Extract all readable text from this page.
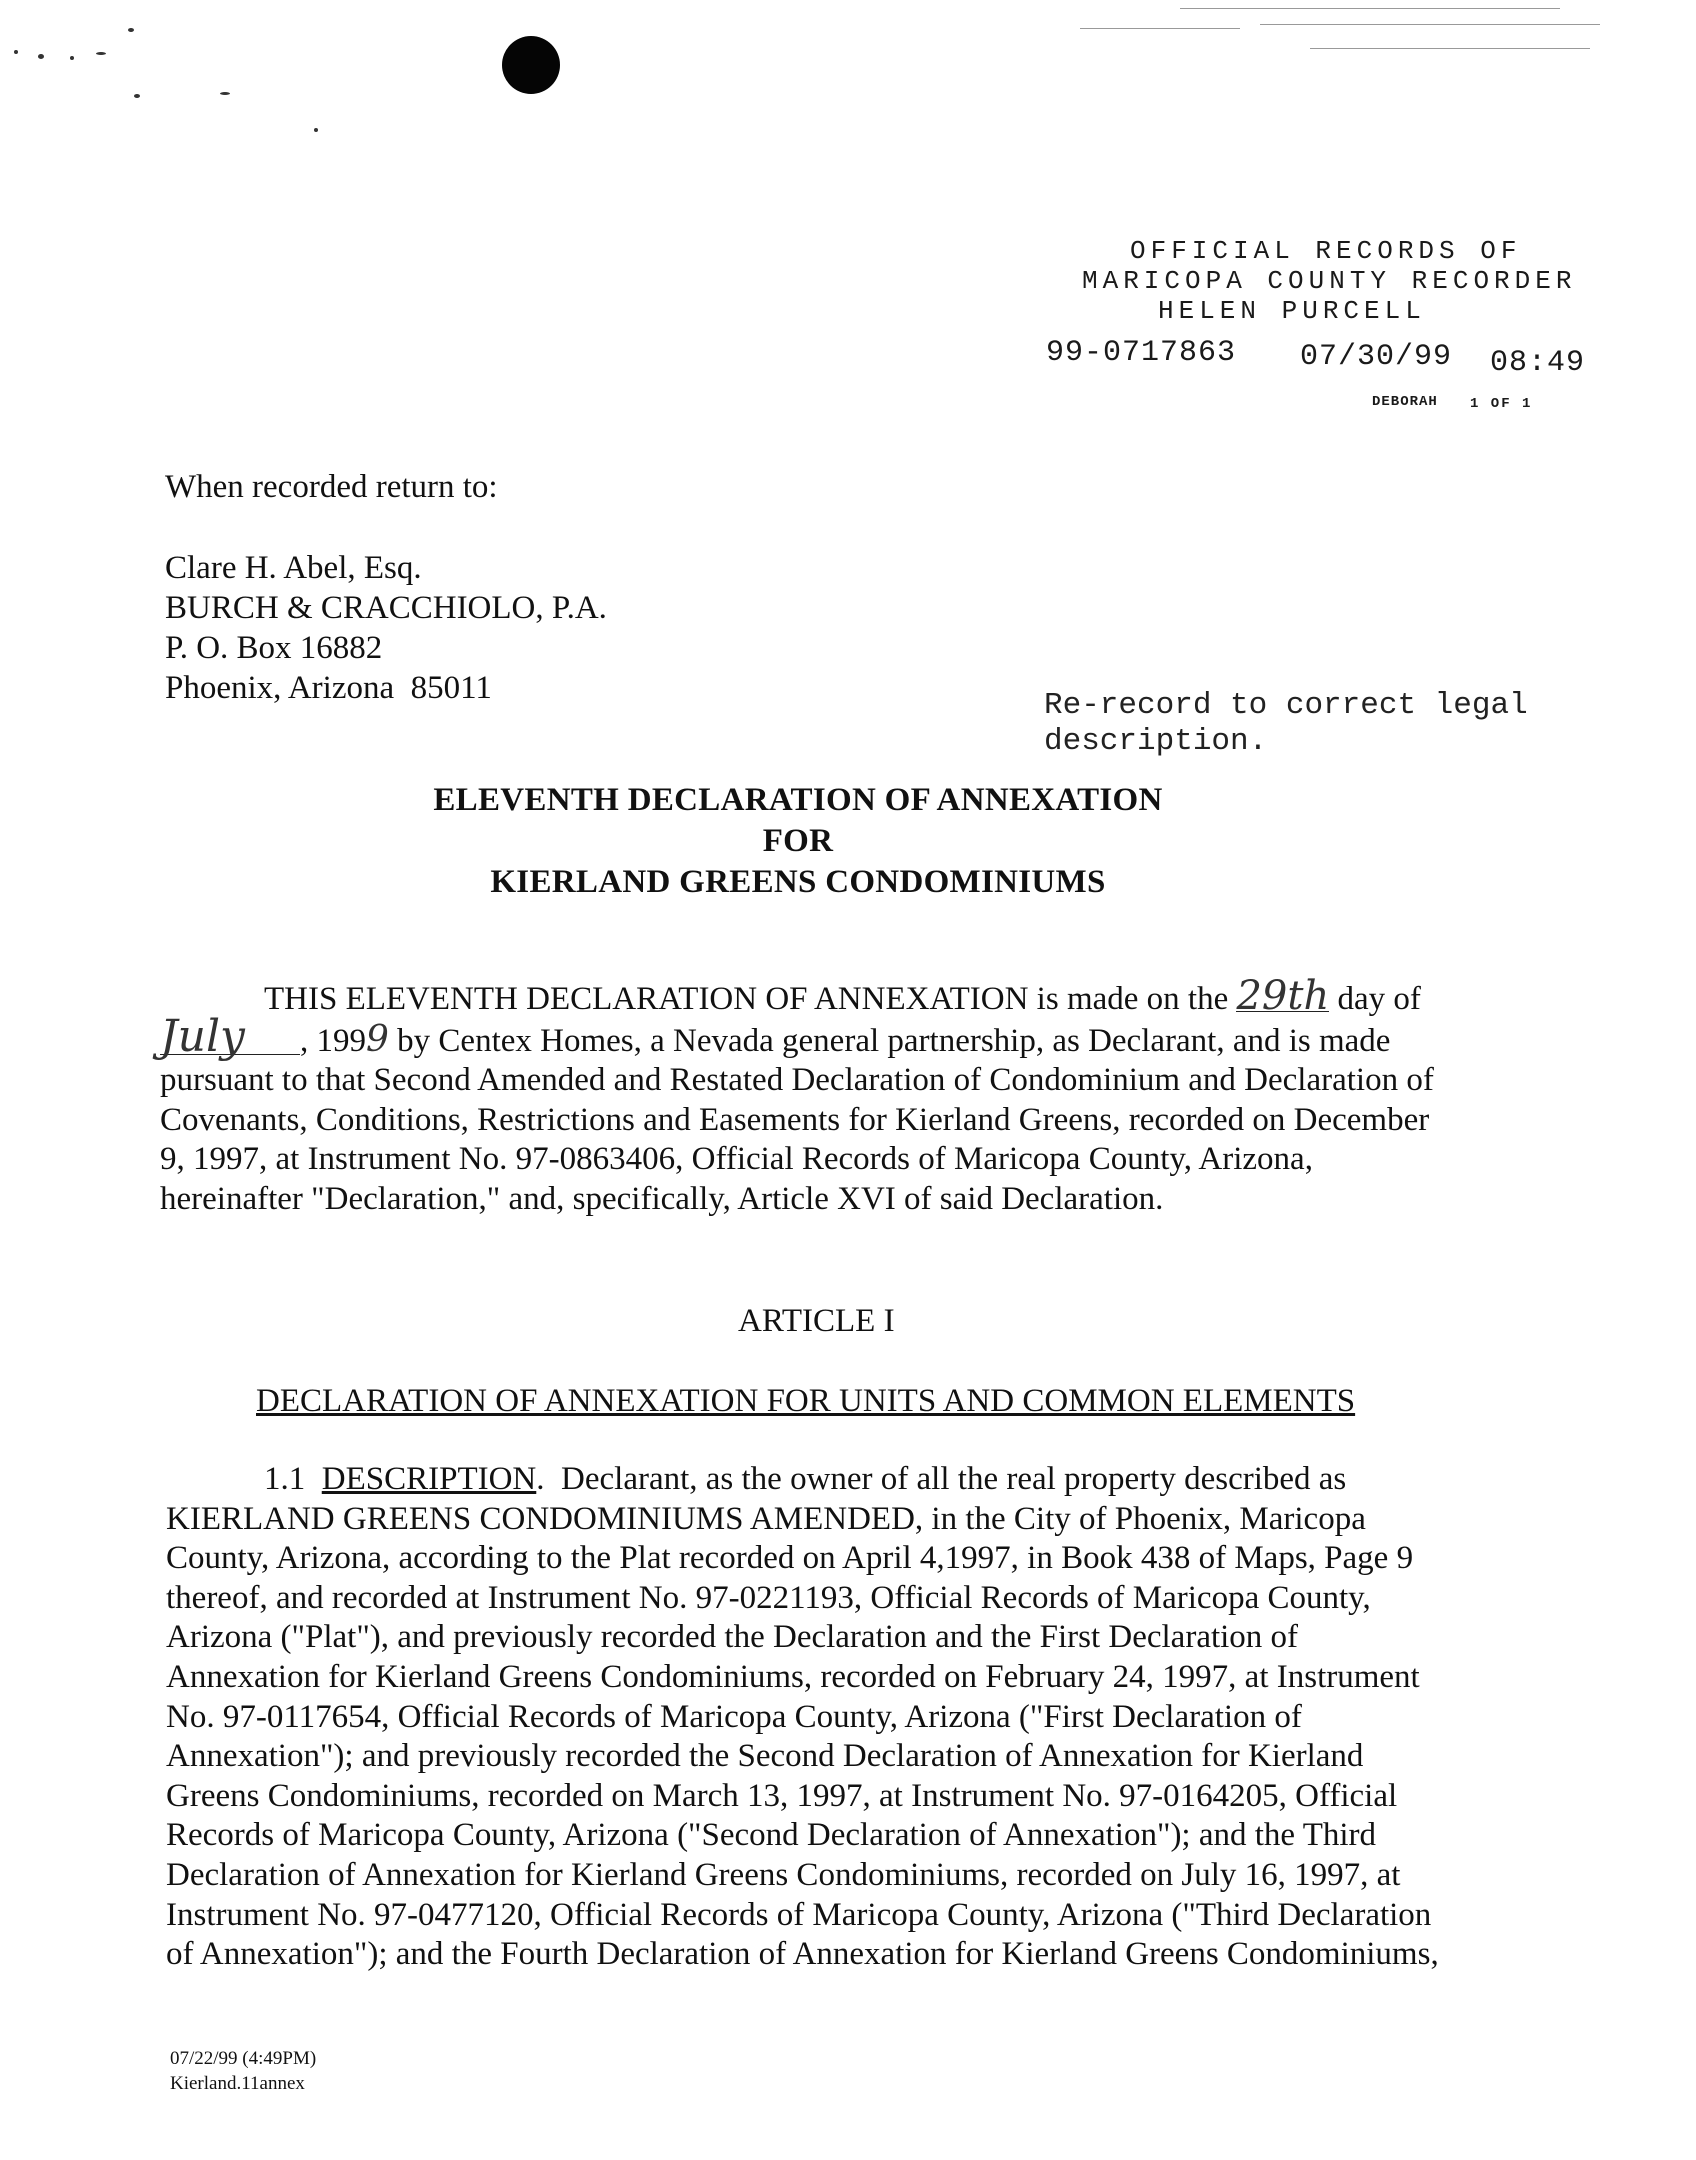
OFFICIAL RECORDS OF
MARICOPA COUNTY RECORDER
HELEN PURCELL
99-0717863 07/30/99 08:49
DEBORAH 1 OF 1
When recorded return to:
Clare H. Abel, Esq.
BURCH & CRACCHIOLO, P.A.
P. O. Box 16882
Phoenix, Arizona  85011	Re-record to correct legal
description.
ELEVENTH DECLARATION OF ANNEXATION
FOR
KIERLAND GREENS CONDOMINIUMS
THIS ELEVENTH DECLARATION OF ANNEXATION is made on the 29th day of
July , 1999 by Centex Homes, a Nevada general partnership, as Declarant, and is made
pursuant to that Second Amended and Restated Declaration of Condominium and Declaration of
Covenants, Conditions, Restrictions and Easements for Kierland Greens, recorded on December
9, 1997, at Instrument No. 97-0863406, Official Records of Maricopa County, Arizona,
hereinafter "Declaration," and, specifically, Article XVI of said Declaration.
ARTICLE I
DECLARATION OF ANNEXATION FOR UNITS AND COMMON ELEMENTS
1.1 DESCRIPTION.  Declarant, as the owner of all the real property described as
KIERLAND GREENS CONDOMINIUMS AMENDED, in the City of Phoenix, Maricopa
County, Arizona, according to the Plat recorded on April 4,1997, in Book 438 of Maps, Page 9
thereof, and recorded at Instrument No. 97-0221193, Official Records of Maricopa County,
Arizona ("Plat"), and previously recorded the Declaration and the First Declaration of
Annexation for Kierland Greens Condominiums, recorded on February 24, 1997, at Instrument
No. 97-0117654, Official Records of Maricopa County, Arizona ("First Declaration of
Annexation"); and previously recorded the Second Declaration of Annexation for Kierland
Greens Condominiums, recorded on March 13, 1997, at Instrument No. 97-0164205, Official
Records of Maricopa County, Arizona ("Second Declaration of Annexation"); and the Third
Declaration of Annexation for Kierland Greens Condominiums, recorded on July 16, 1997, at
Instrument No. 97-0477120, Official Records of Maricopa County, Arizona ("Third Declaration
of Annexation"); and the Fourth Declaration of Annexation for Kierland Greens Condominiums,
07/22/99 (4:49PM)
Kierland.11annex
